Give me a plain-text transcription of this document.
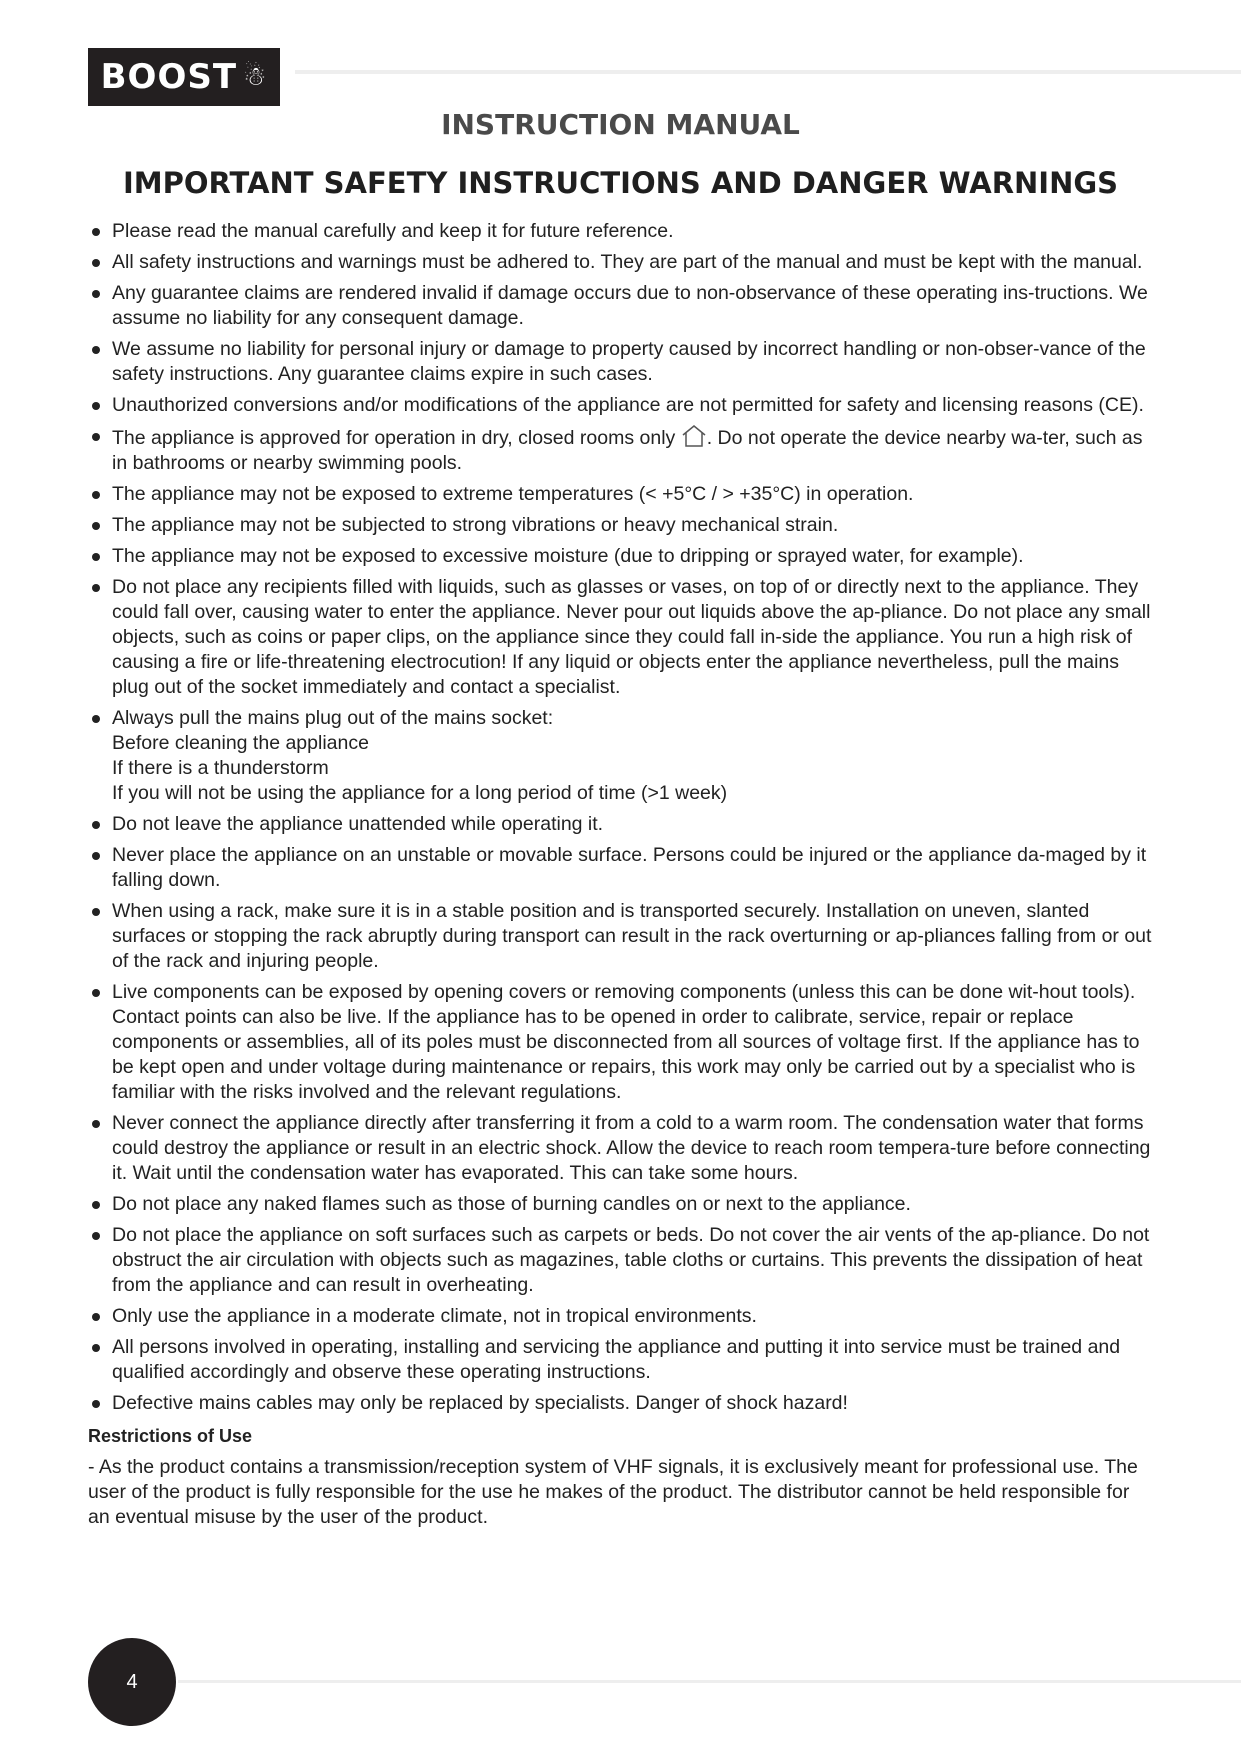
BOOST ☃
INSTRUCTION MANUAL
IMPORTANT SAFETY INSTRUCTIONS AND DANGER WARNINGS
Please read the manual carefully and keep it for future reference.
All safety instructions and warnings must be adhered to. They are part of the manual and must be kept with the manual.
Any guarantee claims are rendered invalid if damage occurs due to non-observance of these operating ins-tructions. We assume no liability for any consequent damage.
We assume no liability for personal injury or damage to property caused by incorrect handling or non-obser-vance of the safety instructions. Any guarantee claims expire in such cases.
Unauthorized conversions and/or modifications of the appliance are not permitted for safety and licensing reasons (CE).
The appliance is approved for operation in dry, closed rooms only . Do not operate the device nearby wa-ter, such as in bathrooms or nearby swimming pools.
The appliance may not be exposed to extreme temperatures (< +5°C / > +35°C) in operation.
The appliance may not be subjected to strong vibrations or heavy mechanical strain.
The appliance may not be exposed to excessive moisture (due to dripping or sprayed water, for example).
Do not place any recipients filled with liquids, such as glasses or vases, on top of or directly next to the appliance. They could fall over, causing water to enter the appliance. Never pour out liquids above the ap-pliance. Do not place any small objects, such as coins or paper clips, on the appliance since they could fall in-side the appliance. You run a high risk of causing a fire or life-threatening electrocution! If any liquid or objects enter the appliance nevertheless, pull the mains plug out of the socket immediately and contact a specialist.
Always pull the mains plug out of the mains socket:
Before cleaning the appliance
If there is a thunderstorm
If you will not be using the appliance for a long period of time (>1 week)
Do not leave the appliance unattended while operating it.
Never place the appliance on an unstable or movable surface. Persons could be injured or the appliance da-maged by it falling down.
When using a rack, make sure it is in a stable position and is transported securely. Installation on uneven, slanted surfaces or stopping the rack abruptly during transport can result in the rack overturning or ap-pliances falling from or out of the rack and injuring people.
Live components can be exposed by opening covers or removing components (unless this can be done wit-hout tools). Contact points can also be live. If the appliance has to be opened in order to calibrate, service, repair or replace components or assemblies, all of its poles must be disconnected from all sources of voltage first. If the appliance has to be kept open and under voltage during maintenance or repairs, this work may only be carried out by a specialist who is familiar with the risks involved and the relevant regulations.
Never connect the appliance directly after transferring it from a cold to a warm room. The condensation water that forms could destroy the appliance or result in an electric shock. Allow the device to reach room tempera-ture before connecting it. Wait until the condensation water has evaporated. This can take some hours.
Do not place any naked flames such as those of burning candles on or next to the appliance.
Do not place the appliance on soft surfaces such as carpets or beds. Do not cover the air vents of the ap-pliance. Do not obstruct the air circulation with objects such as magazines, table cloths or curtains. This prevents the dissipation of heat from the appliance and can result in overheating.
Only use the appliance in a moderate climate, not in tropical environments.
All persons involved in operating, installing and servicing the appliance and putting it into service must be trained and qualified accordingly and observe these operating instructions.
Defective mains cables may only be replaced by specialists. Danger of shock hazard!
Restrictions of Use

- As the product contains a transmission/reception system of VHF signals, it is exclusively meant for professional use. The user of the product is fully responsible for the use he makes of the product. The distributor cannot be held responsible for an eventual misuse by the user of the product.

4
